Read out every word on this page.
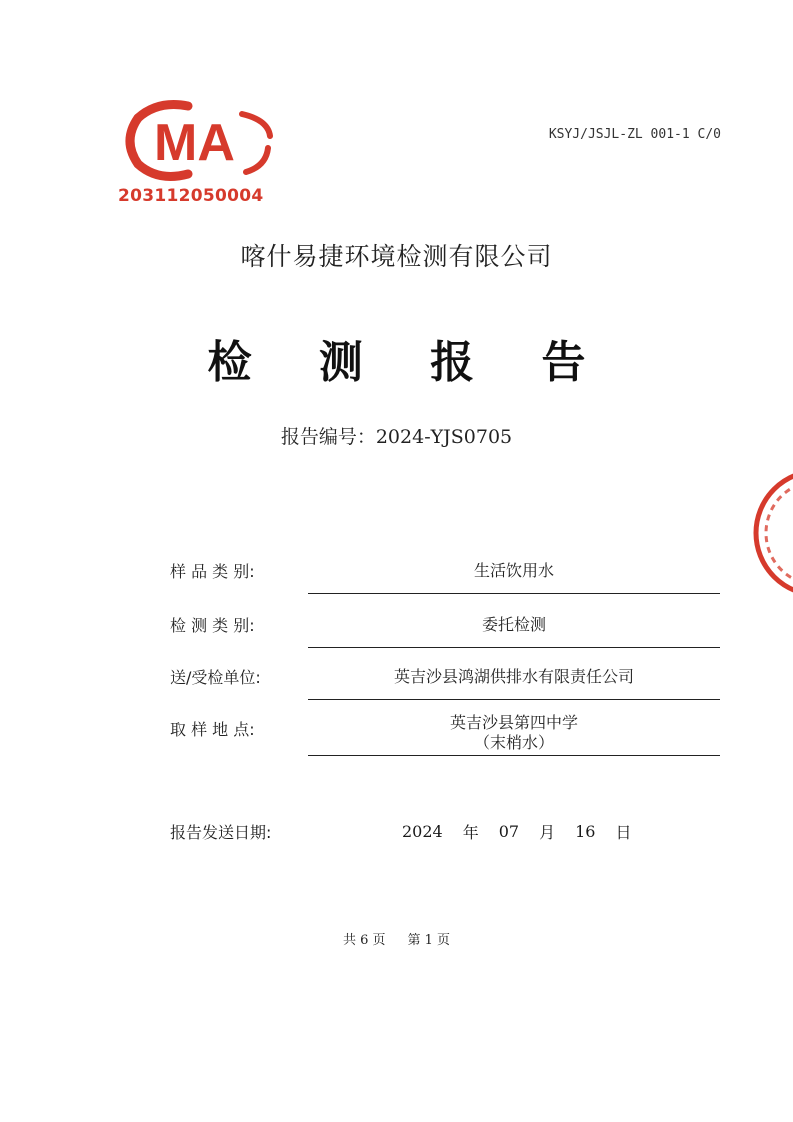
MA
203112050004
KSYJ/JSJL-ZL 001-1 C/0
喀什易捷环境检测有限公司
检 测 报 告
报告编号：2024-YJS0705
样 品 类 别:	生活饮用水
检 测 类 别:	委托检测
送/受检单位:	英吉沙县鸿湖供排水有限责任公司
取 样 地 点:	英吉沙县第四中学
（末梢水）
报告发送日期:	2024 年 07 月 16 日
共 6 页 第 1 页
